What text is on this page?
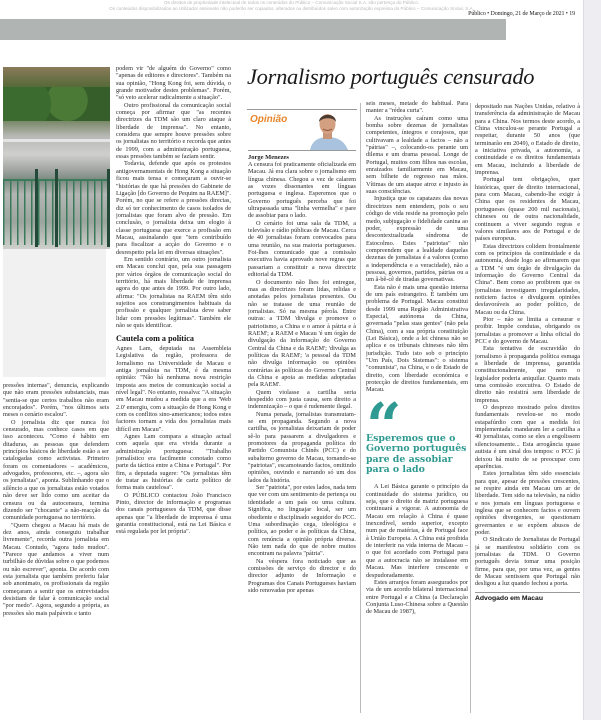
Os direitos de propriedade intelectual de todos os conteúdos do Público – Comunicação Social S.A. são pertença do Público.
Os conteúdos disponibilizados ao Utilizador assinante não poderão ser copiados, alterados ou distribuídos salvo com autorização expressa do Público – Comunicação Social, S.A.
Público • Domingo, 21 de Março de 2021 • 19

pressões internas", denuncia, explicando que não eram pressões substanciais, mas "sentia-se que certos trabalhos não eram encorajados". Porém, "nos últimos seis meses o cenário escalou".

O jornalista diz que nunca foi censurado, mas conhece casos em que isso aconteceu. "Como é hábito em ditaduras, as pessoas que defendem princípios básicos de liberdade estão a ser catalogadas como activistas. Primeiro foram os comentadores – académicos, advogados, professores, etc. –, agora são os jornalistas", aponta. Sublinhando que o silêncio a que os jornalistas estão votados não deve ser lido como um aceitar da censura ou da autocensura, termina dizendo ser "chocante" a não-reacção da comunidade portuguesa no território.

"Quem chegou a Macau há mais de dez anos, ainda conseguiu trabalhar livremente", recorda outra jornalista em Macau. Contudo, "agora tudo mudou". "Parece que andamos a viver num turbilhão de dúvidas sobre o que podemos ou não escrever", aponta. De acordo com esta jornalista que também preferiu falar sob anonimato, os profissionais da região começaram a sentir que os entrevistados desistiam de falar à comunicação social "por medo". Agora, segundo a própria, as pressões são mais palpáveis e tanto

podem vir "de alguém do Governo" como "apenas de editores e directores". Também na sua opinião, "Hong Kong foi, sem dúvida, o grande motivador destes problemas". Porém, "só veio acelerar radicalmente a situação".

Outro profissional da comunicação social começa por afirmar que "as recentes directrizes da TDM são um claro ataque à liberdade de imprensa". No entanto, considera que sempre houve pressões sobre os jornalistas no território e recorda que antes de 1999, com a administração portuguesa, essas pressões também se faziam sentir.

Todavia, defende que após os protestos antigovernamentais de Hong Kong a situação ficou mais tensa e começaram a ouvir-se "histórias de que há pressões do Gabinete de Ligação [do Governo de Pequim na RAEM]". Porém, no que se refere a pressões directas, diz só ter conhecimento de casos isolados de jornalistas que foram alvo de pressão. Em conclusão, o jornalista deixa um elogio à classe portuguesa que exerce a profissão em Macau, assinalando que "tem contribuído para fiscalizar a acção do Governo e o desrespeito pela lei em diversas situações".

Em sentido contrário, um outro jornalista em Macau conclui que, pela sua passagem por vários órgãos de comunicação social do território, há mais liberdade de imprensa agora do que antes de 1999. Por outro lado, afirma: "Os jornalistas na RAEM têm sido sujeitos aos constrangimentos habituais da profissão e qualquer jornalista deve saber lidar com pressões legítimas". Também ele não se quis identificar.

Cautela com a política

Agnes Lam, deputada na Assembleia Legislativa da região, professora de Jornalismo na Universidade de Macau e antiga jornalista na TDM, é da mesma opinião: "Não há nenhuma nova restrição imposta aos meios de comunicação social a nível legal". No entanto, ressalva: "A situação em Macau mudou a medida que a era 'Web 2.0' emergiu, com a situação de Hong Kong e com os conflitos sino-americanos; todos estes factores tornam a vida dos jornalistas mais difícil em Macau".

Agnes Lam compara a situação actual com aquela que era vivida durante a administração portuguesa: "Trabalho jornalístico era facilmente conotado como parte da táctica entre a China e Portugal". Por fim, a deputada sugere: "Os jornalistas têm de tratar as histórias de cariz político de forma mais cautelosa".

O PÚBLICO contactou João Francisco Pinto, director de informação e programas dos canais portugueses da TDM, que disse apenas que "a liberdade de imprensa é uma garantia constitucional, está na Lei Básica e está regulada por lei própria".

Jornalismo português censurado
Opinião
Jorge Menezes

A censura foi praticamente oficializada em Macau. Já era clara sobre o jornalismo em língua chinesa. Chegou a vez de calarem as vozes dissonantes em línguas portuguesa e inglesa. Esperemos que o Governo português perceba que foi ultrapassada uma "linha vermelha" e pare de assobiar para o lado.

O cenário foi uma sala da TDM, a televisão e rádio públicas de Macau. Cerca de 40 jornalistas foram convocados para uma reunião, na sua maioria portugueses. Foi-lhes comunicado que a comissão executiva havia aprovado nove regras que passariam a constituir a nova directriz editorial da TDM.

O documento não lhes foi entregue, mas as directrizes foram lidas, relidas e anotadas pelos jornalistas presentes. Ou não se tratasse de uma reunião de jornalistas. Só na mesma pérola. Entre outras: a TDM 'divulga e promove o patriotismo, a China e o amor à pátria e à RAEM'; a RAEM e Macau 'é um órgão de divulgação da informação do Governo Central da China e da RAEM'; 'divulga as políticas da RAEM'; 'a pessoal da TDM não divulga informação ou opiniões contrárias às políticas do Governo Central da China e apoia as medidas adoptadas pela RAEM'.

Quem violasse a cartilha seria despedido com justa causa, sem direito a indemnização – o que é rudemente ilegal.

Numa penada, jornalistas transmutam-se em propaganda. Segundo a nova cartilha, os jornalistas deixariam de poder sê-lo para passarem a divulgadores e promotores da propaganda política do Partido Comunista Chinês (PCC) e do subalterno governo de Macau, tornando-se "patriotas", escamoteando factos, omitindo opiniões, ouvindo e narrando só um dos lados da história.

Ser "patriota", por estes lados, nada tem que ver com um sentimento de pertença ou identidade a um país ou uma cultura. Significa, no linguajar local, ser um obediente e disciplinado seguidor do PCC. Uma subordinação cega, ideológica e política, ao poder e às políticas da China, com renúncia a opinião própria diversa. Não tem nada do que de nobre muitos encontram na palavra "pátria".

Na véspera fora noticiado que as comissões de serviço do director e do director adjunto de Informação e Programas dos Canais Portugueses haviam sido renovadas por apenas

seis meses, metade do habitual. Para manter a "rédea curta".

As instruções caíram como uma bomba sobre dezenas de jornalistas competentes, íntegros e corajosos, que cultivavam a lealdade a factos – não a "pátrias" –, colocando-os perante um dilema e um drama pessoal. Longe de Portugal, muitos com filhos nas escolas, enraizados familiarmente em Macau, sem bilhete de regresso nas mãos. Vítimas de um ataque atroz e injusto às suas consciências.

Injustiça que os capatazes das novas directrizes nem entendem, pois o seu código de vida reside na promoção pelo medo, subjugação e fidelidade canina ao poder, expressão de uma descontextualizada síndroma de Estocolmo. Estes "patriotas" não compreendem que a lealdade daquelas dezenas de jornalistas é a valores (como a independência e a veracidade), não a pessoas, governos, partidos, pátrias ou a um â-bê-cê de tiradas governativas.

Esta não é mais uma questão interna de um país estrangeiro. É também um problema de Portugal. Macau constitui desde 1999 uma Região Administrativa Especial, autónoma da China, governada "pelas suas gentes" (não pela China), com a sua própria constituição (Lei Básica), onde a lei chinesa não se aplica e os tribunais chineses não têm jurisdição. Tudo isto sob o princípio "Um País, Dois Sistemas": o sistema "comunista", na China, e o de Estado de direito, com liberdade económica e protecção de direitos fundamentais, em Macau.

Esperemos que o Governo português pare de assobiar para o lado

A Lei Básica garante o princípio da continuidade do sistema jurídico, ou seja, que o direito de matriz portuguesa continuará a vigorar. A autonomia de Macau em relação à China é quase inexcedível, sendo superior, excepto num par de matérias, à de Portugal face à União Europeia. A China está proibida de interferir na vida interna de Macau – o que foi acordado com Portugal para que a autocracia não se instalasse em Macau. Mas interfere crescente e despudoradamente.

Estes arranjos foram assegurados por via de um acordo bilateral internacional entre Portugal e a China (a Declaração Conjunta Luso-Chinesa sobre a Questão de Macau de 1987),

depositado nas Nações Unidas, relativo à transferência da administração de Macau para a China. Nos termos deste acordo, a China vinculou-se perante Portugal a respeitar, durante 50 anos (que terminarão em 2049), o Estado de direito, a iniciativa privada, a autonomia, a continuidade e os direitos fundamentais em Macau, incluindo a liberdade de imprensa.

Portugal tem obrigações, quer históricas, quer de direito internacional, para com Macau, cabendo-lhe exigir à China que os residentes de Macau, portugueses (quase 200 mil nacionais), chineses ou de outra nacionalidade, continuem a viver segundo regras e valores similares aos de Portugal e de países europeus.

Estas directrizes colidem frontalmente com os princípios da continuidade e da autonomia, desde logo ao afirmarem que a TDM "é um órgão de divulgação da informação do Governo Central da China". Bem como ao proibirem que os jornalistas investiguem irregularidades, noticiem factos e divulguem opiniões desfavoráveis ao poder político, de Macau ou da China.

Pior – não se limita a censurar e proibir. Impõe condutas, obrigando os jornalistas a promover a linha oficial do PCC e do governo de Macau.

Esta tentativa de escravidão do jornalismo à propaganda política esmaga a liberdade de imprensa, garantida constitucionalmente, que nem o legislador poderia aniquilar. Quanto mais uma comissão executiva. O Estado de direito não resistirá sem liberdade de imprensa.

O desprezo mostrado pelos direitos fundamentais revelou-se no modo estapafúrdio com que a medida foi implementada: mandaram ler a cartilha a 40 jornalistas, como se eles a engolissem silenciosamente... Esta arrogância quase autista é um sinal dos tempos: o PCC já deixou há muito de se preocupar com aparências.

Estes jornalistas têm sido essenciais para que, apesar de pressões crescentes, se respire ainda em Macau um ar de liberdade. Tem sido na televisão, na rádio e nos jornais em línguas portuguesa e inglesa que se conhecem factos e ouvem opiniões divergentes, se questionam governantes e se expõem abusos de poder.

O Sindicato de Jornalistas de Portugal já se manifestou solidário com os jornalistas da TDM. O Governo português devia tomar uma posição firme, para que, por uma vez, as gentes de Macau sentissem que Portugal não desligou a luz quando fechou a porta.

Advogado em Macau
